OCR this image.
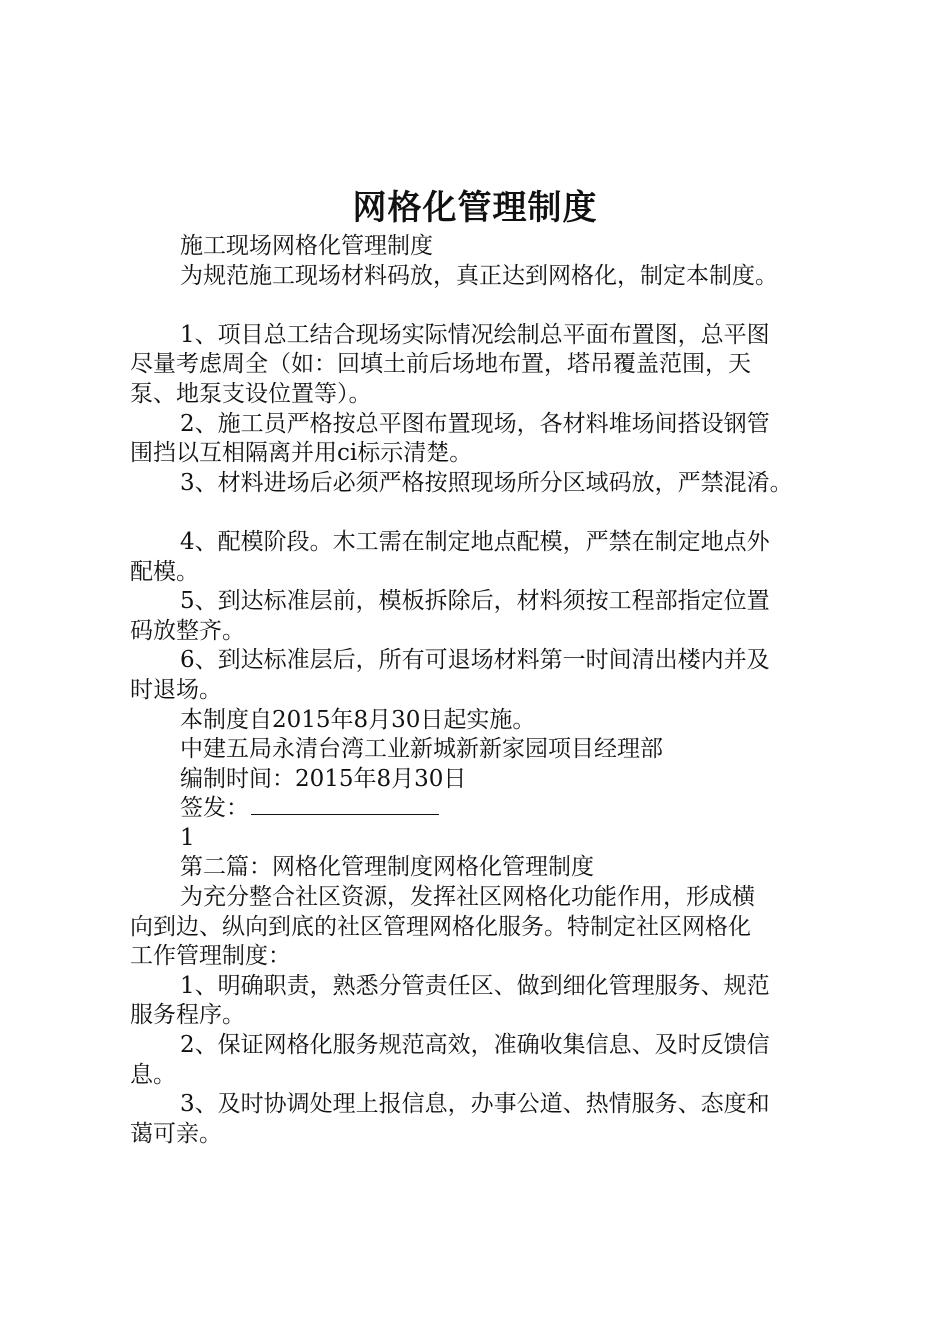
网格化管理制度
施工现场网格化管理制度
为规范施工现场材料码放，真正达到网格化，制定本制度。
1、项目总工结合现场实际情况绘制总平面布置图，总平图
尽量考虑周全（如：回填土前后场地布置，塔吊覆盖范围，天
泵、地泵支设位置等）。
2、施工员严格按总平图布置现场，各材料堆场间搭设钢管
围挡以互相隔离并用ci标示清楚。
3、材料进场后必须严格按照现场所分区域码放，严禁混淆。
4、配模阶段。木工需在制定地点配模，严禁在制定地点外
配模。
5、到达标准层前，模板拆除后，材料须按工程部指定位置
码放整齐。
6、到达标准层后，所有可退场材料第一时间清出楼内并及
时退场。
本制度自2015年8月30日起实施。
中建五局永清台湾工业新城新新家园项目经理部
编制时间：2015年8月30日
签发：
1
第二篇：网格化管理制度网格化管理制度
为充分整合社区资源，发挥社区网格化功能作用，形成横
向到边、纵向到底的社区管理网格化服务。特制定社区网格化
工作管理制度：
1、明确职责，熟悉分管责任区、做到细化管理服务、规范
服务程序。
2、保证网格化服务规范高效，准确收集信息、及时反馈信
息。
3、及时协调处理上报信息，办事公道、热情服务、态度和
蔼可亲。
